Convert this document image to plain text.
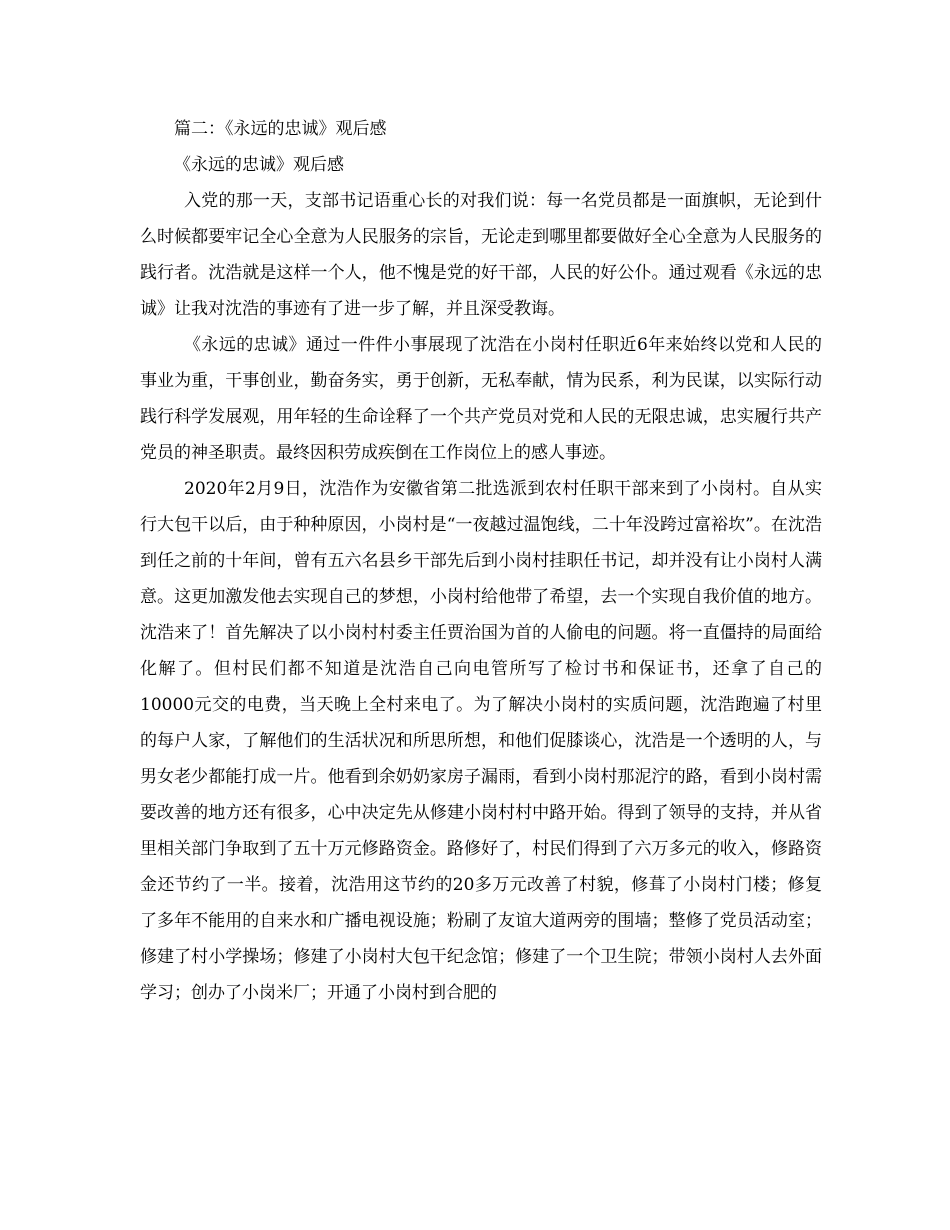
篇二：《永远的忠诚》观后感
《永远的忠诚》观后感

入党的那一天，支部书记语重心长的对我们说：每一名党员都是一面旗帜，无论到什么时候都要牢记全心全意为人民服务的宗旨，无论走到哪里都要做好全心全意为人民服务的践行者。沈浩就是这样一个人，他不愧是党的好干部，人民的好公仆。通过观看《永远的忠诚》让我对沈浩的事迹有了进一步了解，并且深受教诲。

《永远的忠诚》通过一件件小事展现了沈浩在小岗村任职近6年来始终以党和人民的事业为重，干事创业，勤奋务实，勇于创新，无私奉献，情为民系，利为民谋，以实际行动践行科学发展观，用年轻的生命诠释了一个共产党员对党和人民的无限忠诚，忠实履行共产党员的神圣职责。最终因积劳成疾倒在工作岗位上的感人事迹。

2020年2月9日，沈浩作为安徽省第二批选派到农村任职干部来到了小岗村。自从实行大包干以后，由于种种原因，小岗村是“一夜越过温饱线，二十年没跨过富裕坎”。在沈浩到任之前的十年间，曾有五六名县乡干部先后到小岗村挂职任书记，却并没有让小岗村人满意。这更加激发他去实现自己的梦想，小岗村给他带了希望，去一个实现自我价值的地方。沈浩来了！首先解决了以小岗村村委主任贾治国为首的人偷电的问题。将一直僵持的局面给化解了。但村民们都不知道是沈浩自己向电管所写了检讨书和保证书，还拿了自己的10000元交的电费，当天晚上全村来电了。为了解决小岗村的实质问题，沈浩跑遍了村里的每户人家，了解他们的生活状况和所思所想，和他们促膝谈心，沈浩是一个透明的人，与男女老少都能打成一片。他看到余奶奶家房子漏雨，看到小岗村那泥泞的路，看到小岗村需要改善的地方还有很多，心中决定先从修建小岗村村中路开始。得到了领导的支持，并从省里相关部门争取到了五十万元修路资金。路修好了，村民们得到了六万多元的收入，修路资金还节约了一半。接着，沈浩用这节约的20多万元改善了村貌，修葺了小岗村门楼；修复了多年不能用的自来水和广播电视设施；粉刷了友谊大道两旁的围墙；整修了党员活动室；修建了村小学操场；修建了小岗村大包干纪念馆；修建了一个卫生院；带领小岗村人去外面学习；创办了小岗米厂；开通了小岗村到合肥的
